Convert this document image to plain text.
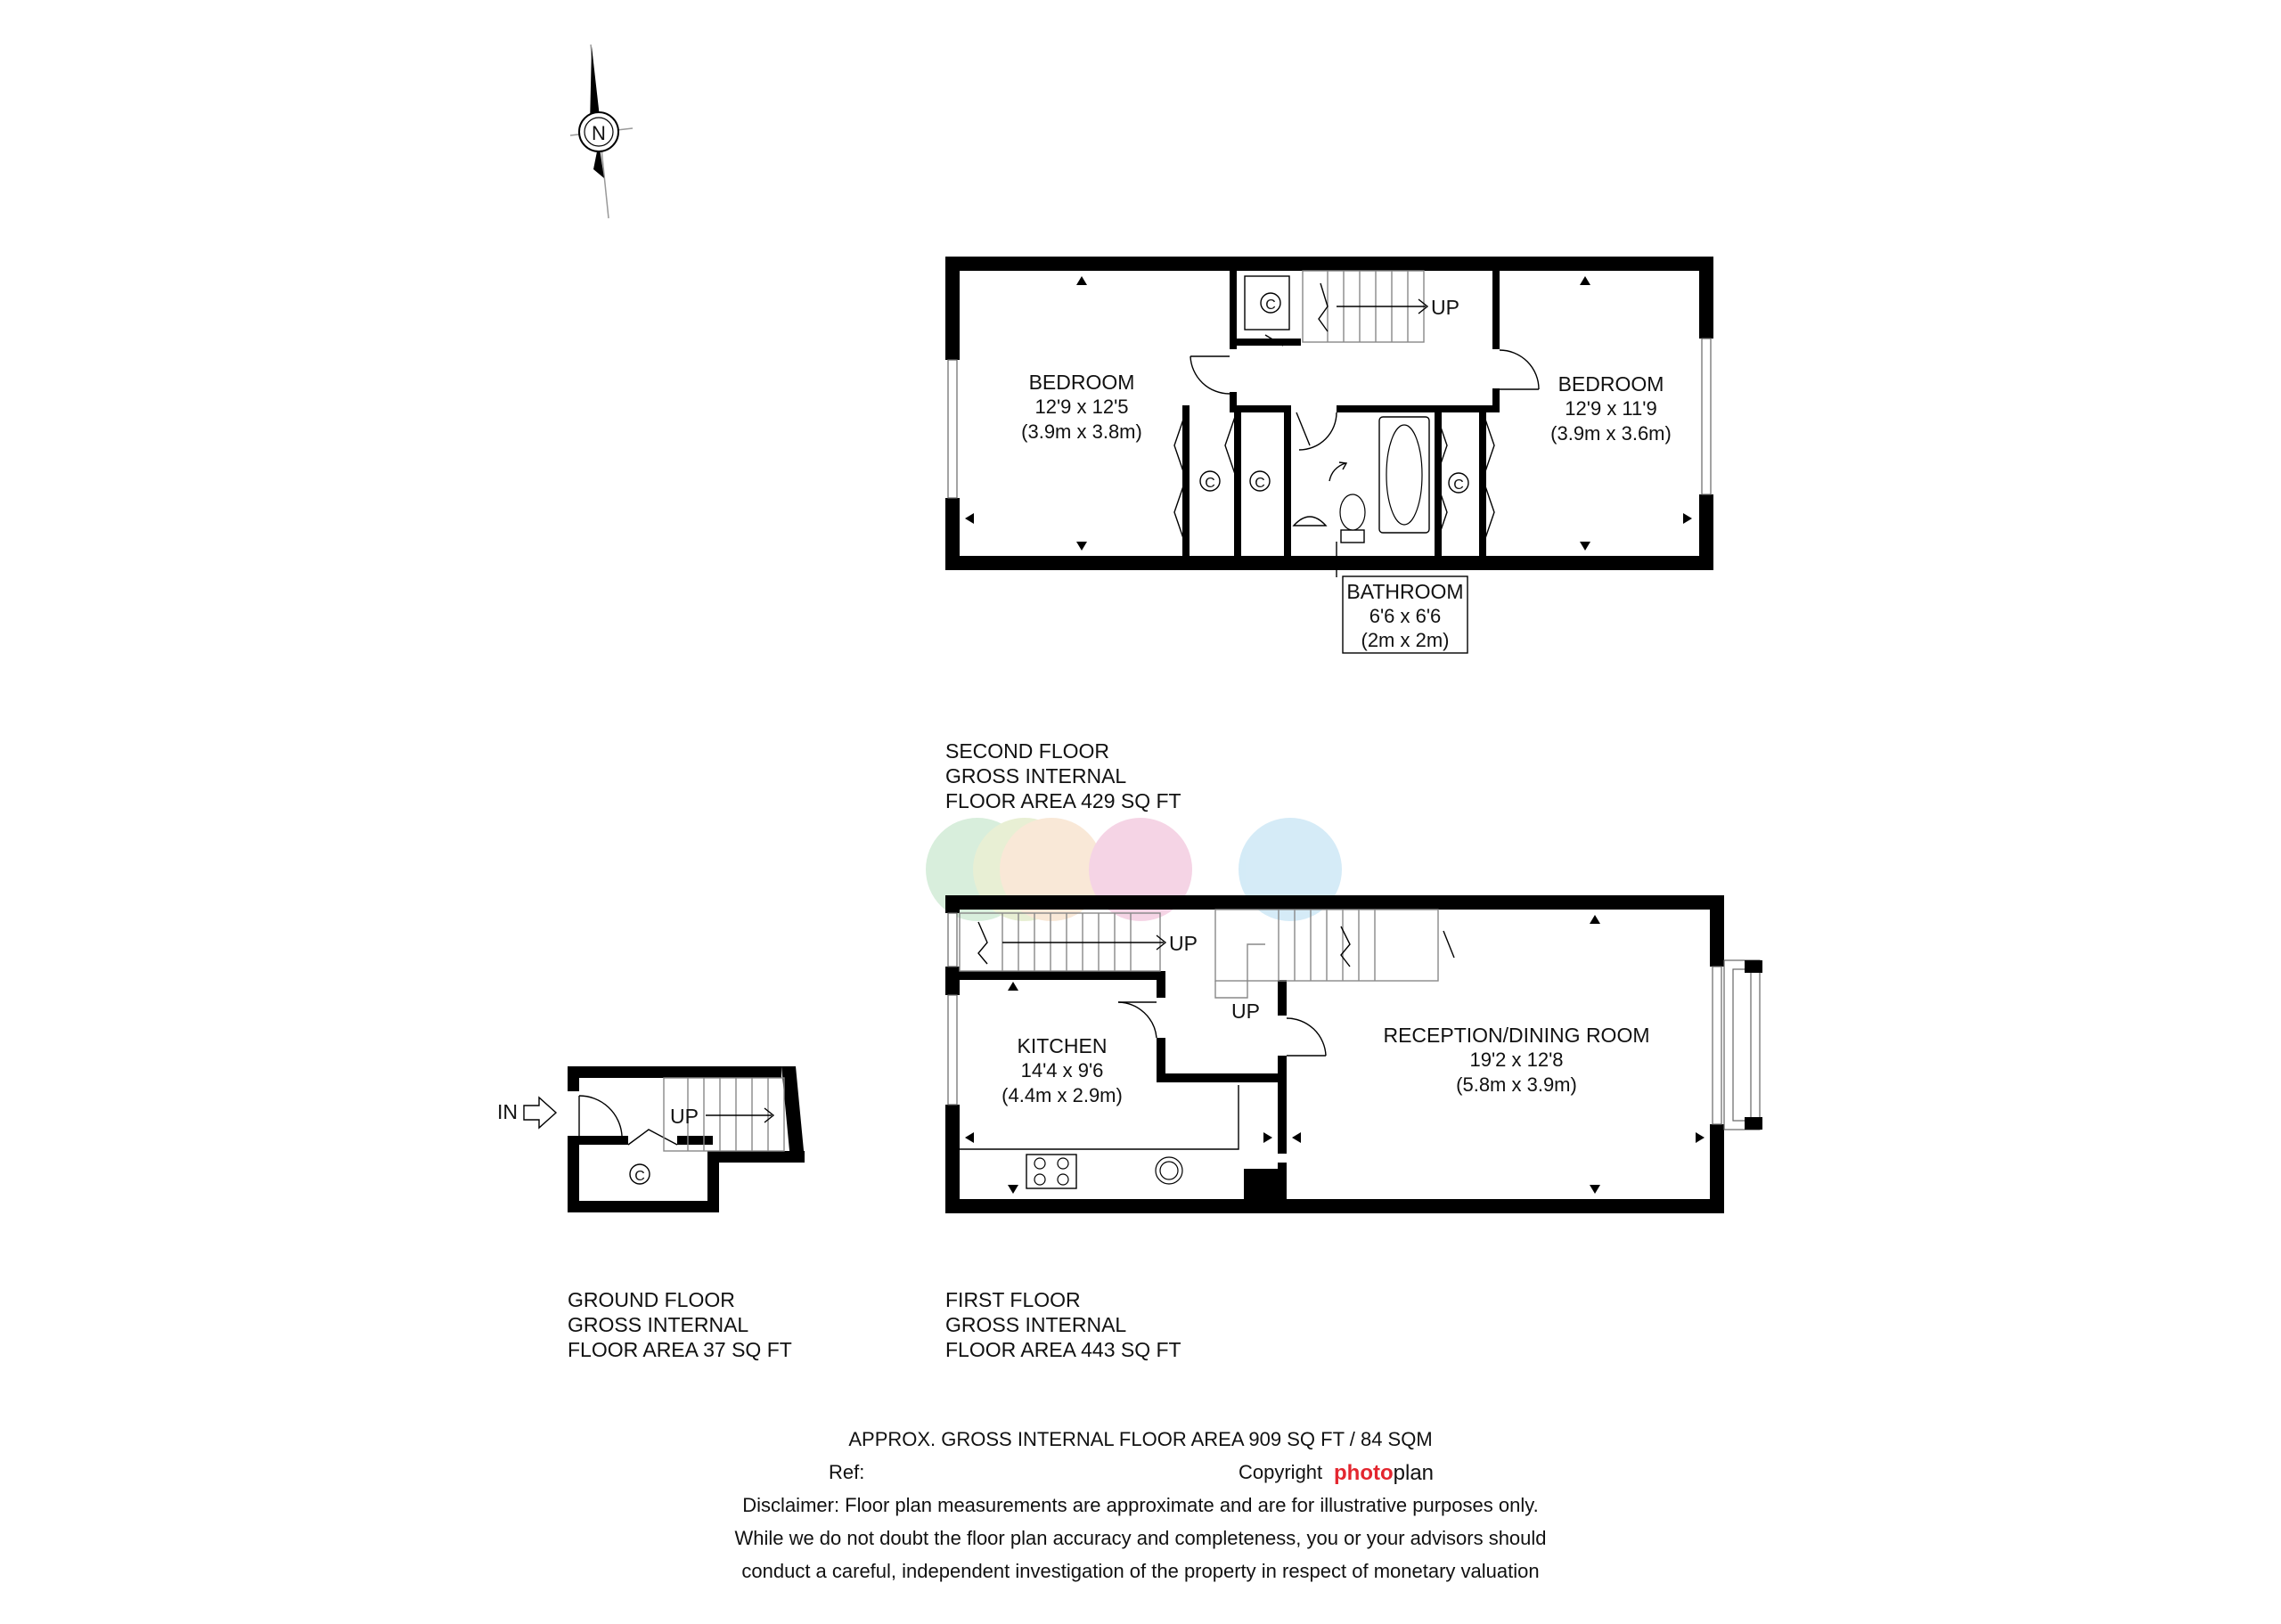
N
UP
C
C	C	C
BEDROOM
12'9 x 12'5
(3.9m x 3.8m)
BEDROOM
12'9 x 11'9
(3.9m x 3.6m)
BATHROOM
6'6 x 6'6
(2m x 2m)
SECOND FLOOR
GROSS INTERNAL
FLOOR AREA 429 SQ FT
UP
UP
KITCHEN
14'4 x 9'6
(4.4m x 2.9m)
RECEPTION/DINING ROOM
19'2 x 12'8
(5.8m x 3.9m)
UP
C
IN
GROUND FLOOR
GROSS INTERNAL
FLOOR AREA 37 SQ FT
FIRST FLOOR
GROSS INTERNAL
FLOOR AREA 443 SQ FT
APPROX. GROSS INTERNAL FLOOR AREA 909 SQ FT / 84 SQM
Ref:	Copyright photoplan
Disclaimer: Floor plan measurements are approximate and are for illustrative purposes only.
While we do not doubt the floor plan accuracy and completeness, you or your advisors should
conduct a careful, independent investigation of the property in respect of monetary valuation
